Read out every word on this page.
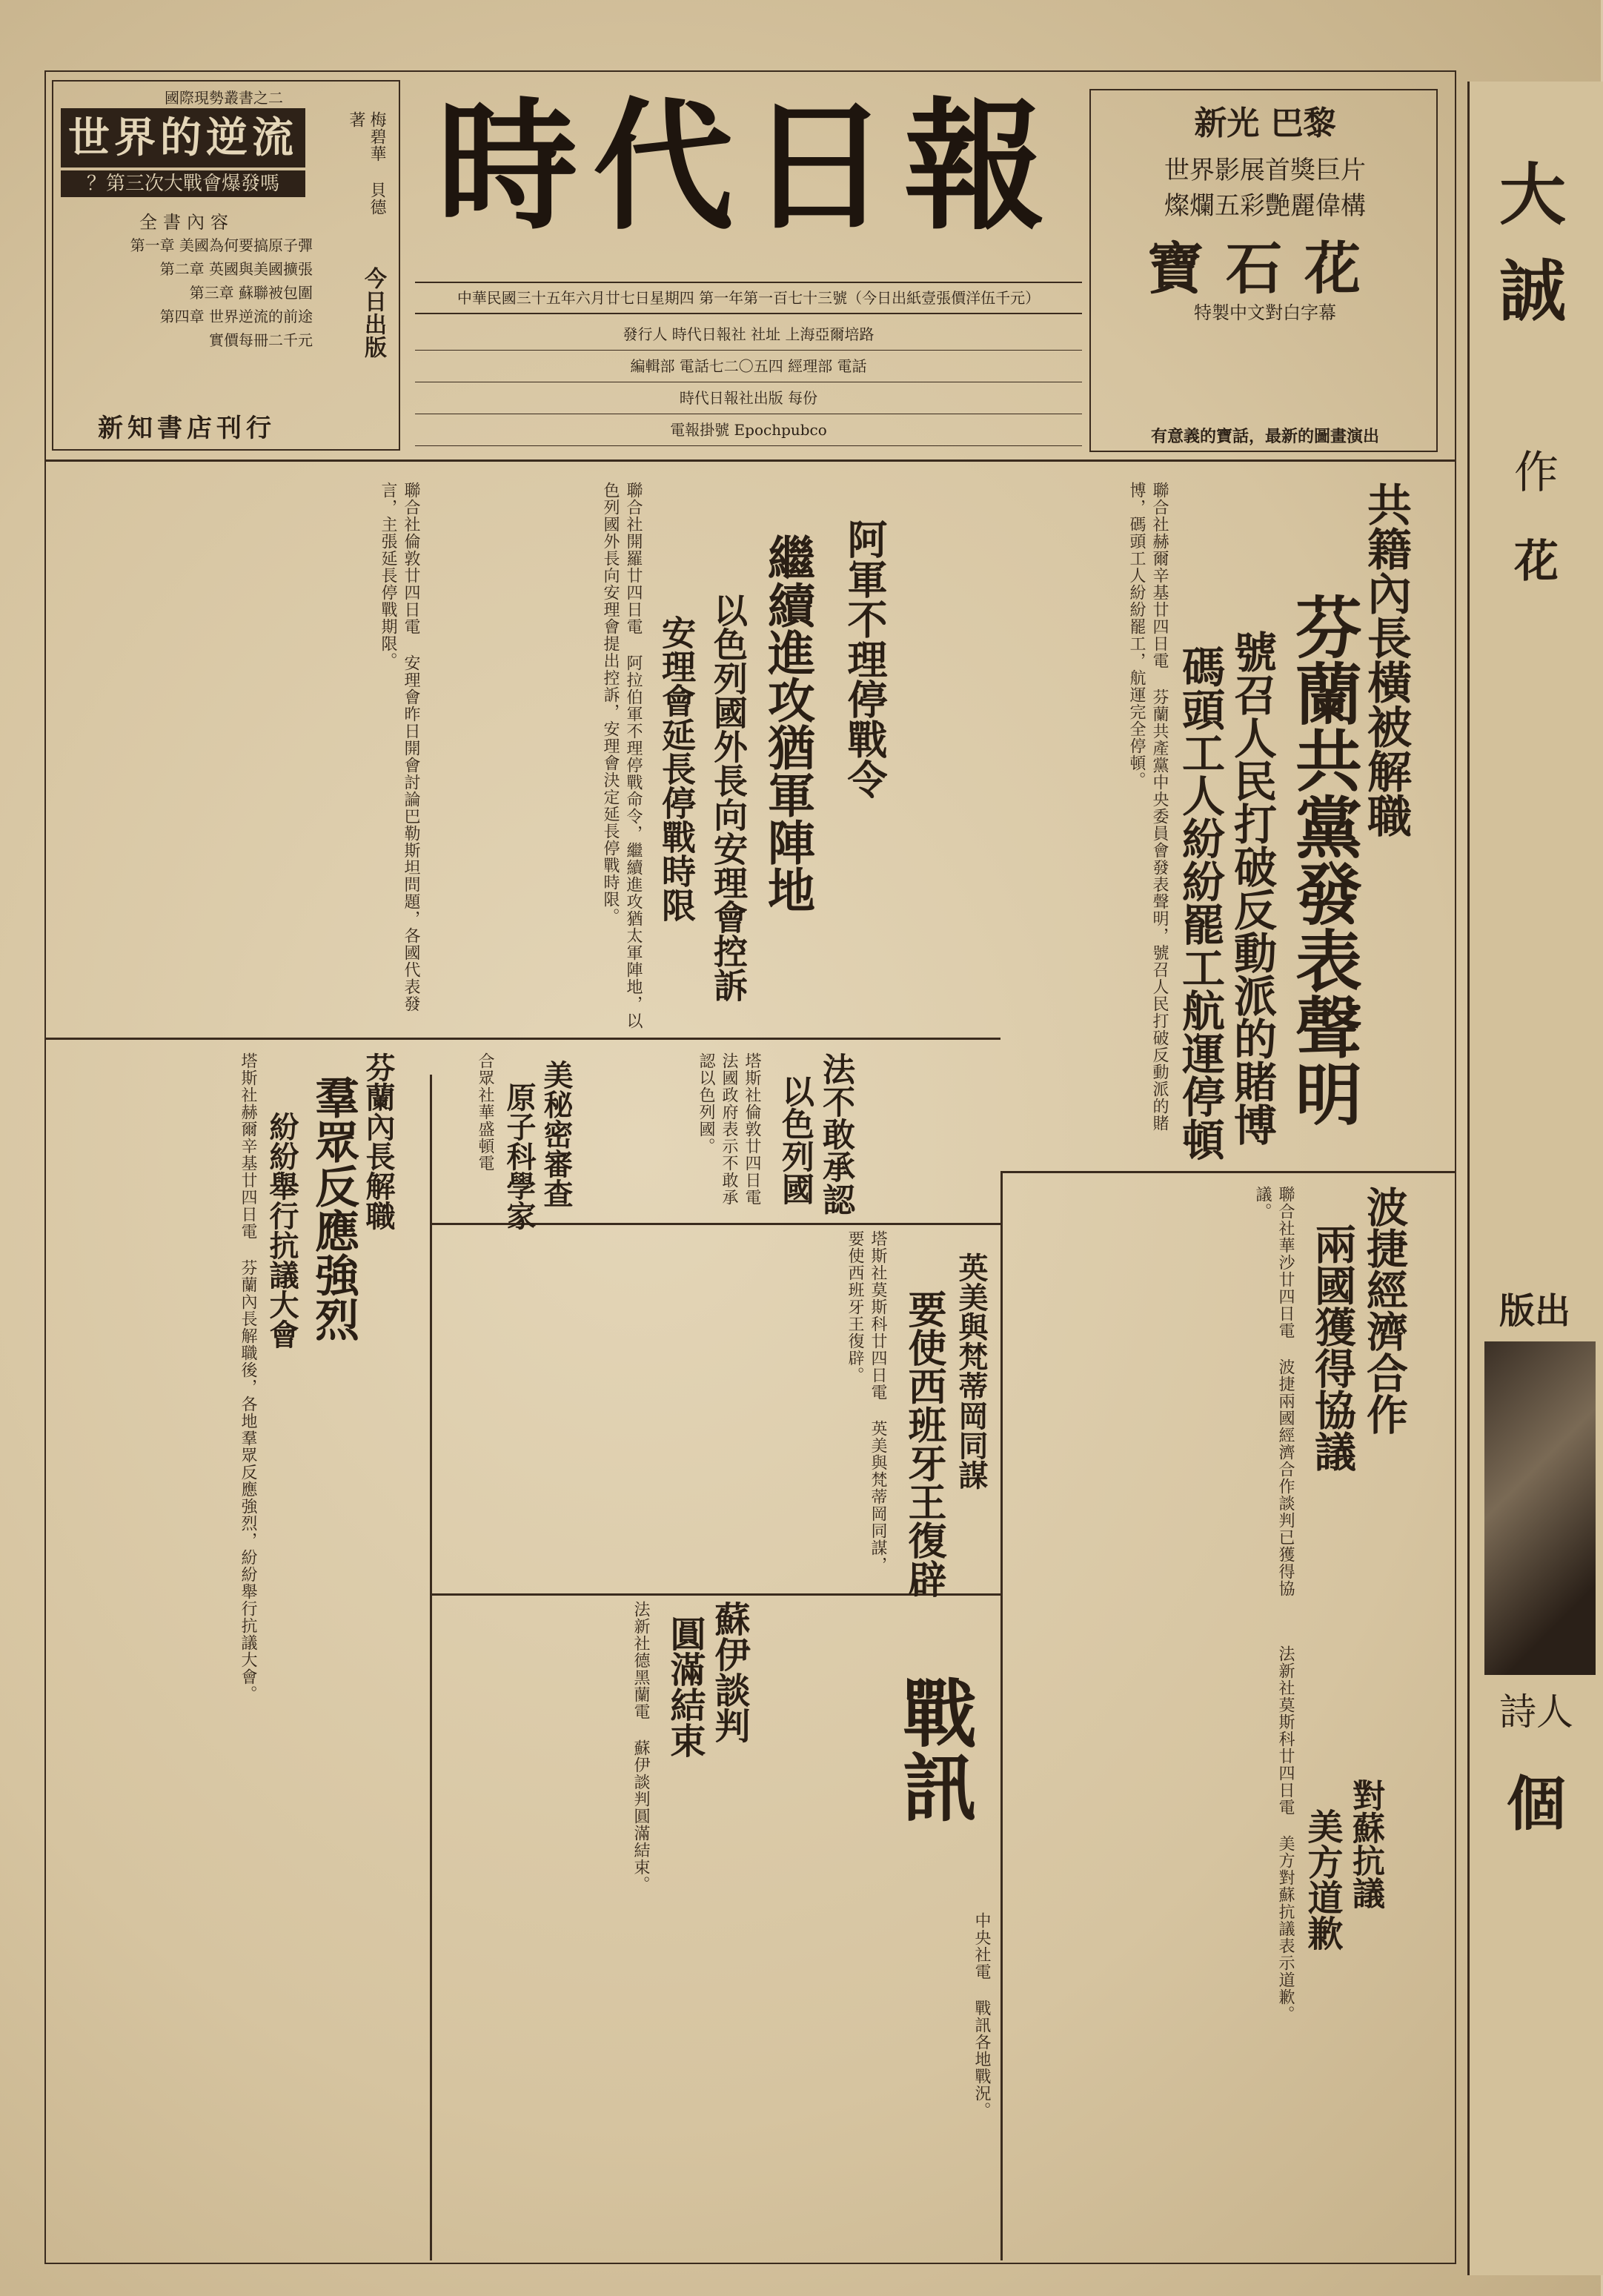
時代日報
中華民國三十五年六月廿七日星期四 第一年第一百七十三號（今日出紙壹張價洋伍千元）
發行人 時代日報社 社址 上海亞爾培路
編輯部 電話七二〇五四 經理部 電話
時代日報社出版 每份
電報掛號 Epochpubco
國際現勢叢書之二
世界的逆流
第三次大戰會爆發嗎？	梅碧華 貝德 著
全書內容
第一章 美國為何要搞原子彈
第二章 英國與美國擴張
第三章 蘇聯被包圍
第四章 世界逆流的前途
實價每冊二千元	今日出版
新知書店刊行
新光 巴黎
世界影展首獎巨片
燦爛五彩艷麗偉構
寶石花
特製中文對白字幕
有意義的寶話，最新的圖畫演出
大誠
作
花
版出
詩人
個
共籍內長橫被解職
芬蘭共黨發表聲明
號召人民打破反動派的賭博
碼頭工人紛紛罷工航運停頓
聯合社赫爾辛基廿四日電 芬蘭共產黨中央委員會發表聲明，號召人民打破反動派的賭博，碼頭工人紛紛罷工，航運完全停頓。
阿軍不理停戰令
繼續進攻猶軍陣地
以色列國外長向安理會控訴
安理會延長停戰時限
聯合社開羅廿四日電 阿拉伯軍不理停戰命令，繼續進攻猶太軍陣地，以色列國外長向安理會提出控訴，安理會決定延長停戰時限。
聯合社倫敦廿四日電 安理會昨日開會討論巴勒斯坦問題，各國代表發言，主張延長停戰期限。
法不敢承認
以色列國
美秘密審查
原子科學家	塔斯社倫敦廿四日電 法國政府表示不敢承認以色列國。
合眾社華盛頓電
芬蘭內長解職
羣眾反應強烈
紛紛舉行抗議大會
塔斯社赫爾辛基廿四日電 芬蘭內長解職後，各地羣眾反應強烈，紛紛舉行抗議大會。	英美與梵蒂岡同謀
要使西班牙王復辟
塔斯社莫斯科廿四日電 英美與梵蒂岡同謀，要使西班牙王復辟。	波捷經濟合作
兩國獲得協議
聯合社華沙廿四日電 波捷兩國經濟合作談判已獲得協議。
蘇伊談判
圓滿結束
法新社德黑蘭電 蘇伊談判圓滿結束。	戰訊
中央社電 戰訊各地戰況。
對蘇抗議
美方道歉
法新社莫斯科廿四日電 美方對蘇抗議表示道歉。
